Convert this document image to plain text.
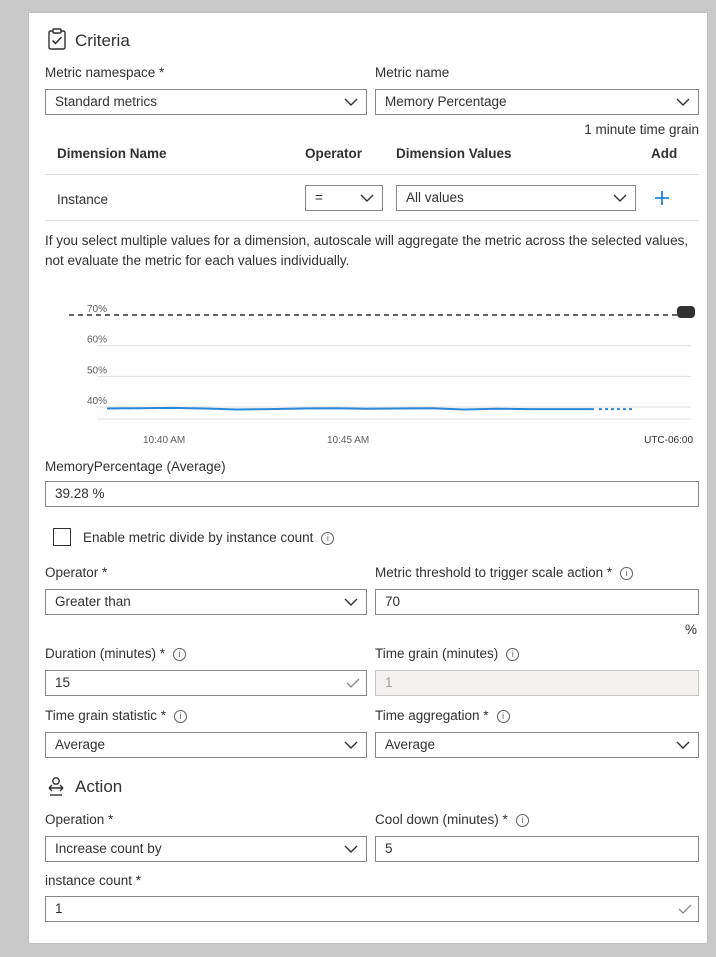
Criteria
Metric namespace *
Standard metrics
Metric name
Memory Percentage
1 minute time grain
Dimension Name	Operator	Dimension Values	Add
Instance	=	All values
If you select multiple values for a dimension, autoscale will aggregate the metric across the selected values, not evaluate the metric for each values individually.
70%
60%
50%
40%
10:40 AM	10:45 AM	UTC-06:00
MemoryPercentage (Average)
39.28 %
Enable metric divide by instance count i
Operator *
Greater than
Metric threshold to trigger scale action * i
70
%
Duration (minutes) * i
15
Time grain (minutes) i
1
Time grain statistic * i
Average
Time aggregation * i
Average
Action
Operation *
Increase count by
Cool down (minutes) * i
5
instance count *
1
